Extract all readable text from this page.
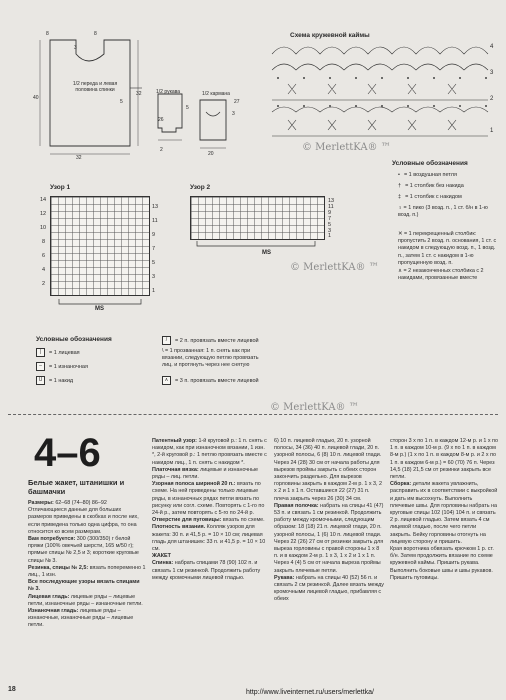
1/2 переда и левая половина спинки	1/2 рукава	1/2 кармана
8	8
3
40
32
5
32
2
26
5
20
3
27
© MerlettKA® ™
Схема кружевной каймы
4
3
2
1
Условные обозначения
• = 1 воздушная петля
† = 1 столбик без накида
‡ = 1 столбик с накидом
♀ = 1 пико (3 возд. п., 1 ст. б/н в 1-ю возд. п.)
✕ = 1 перекрещенный столбик: пропустить 2 возд. п. основания, 1 ст. с накидом в следующую возд. п., 1 возд. п., затем 1 ст. с накидом в 1-ю пропущенную возд. п.
∧ = 2 незаконченных столбика с 2 накидами, провязанные вместе
© MerlettKA® ™
Узор 1
14
12
10
8
6
4
2
13
11
9
7
5
3
1
MS
Узор 2
13
11
9
7
5
3
1
MS
Условные обозначения
|	= 1 лицевая
–	= 1 изнаночная
U	= 1 накид
/	= 2 п. провязать вместе лицевой
\ = 1 прозванная: 1 п. снять как при вязании, следующую петлю провязать лиц. и протянуть через нее снятую
∧	= 3 п. провязать вместе лицевой
© MerlettKA® ™
4–6
Белые жакет, штанишки и башмачки

Размеры: 62–68 (74–80) 86–92

Отличающиеся данные для больших размеров приведены в скобках и после них, если приведена только одна цифра, то она относится ко всем размерам.

Вам потребуется: 300 (300/350) г белой пряжи (100% овечьей шерсти, 165 м/50 г); прямые спицы № 2,5 и 3; короткие круговые спицы № 3.

Резинка, спицы № 2,5: вязать попеременно 1 лиц., 1 изн.

Все последующие узоры вязать спицами № 3.

Лицевая гладь: лицевые ряды – лицевые петли, изнаночные ряды – изнаночные петли.

Изнаночная гладь: лицевые ряды – изнаночные, изнаночные ряды – лицевые петли.

Патентный узор: 1-й круговой р.: 1 п. снять с накидом, как при изнаночном вязании, 1 изн. *, 2-й круговой р.: 1 петлю провязать вместе с накидом лиц., 1 п. снять с накидом *.

Платочная вязка: лицевые и изнаночные ряды – лиц. петли.

Узорная полоса шириной 20 п.: вязать по схеме. На ней приведены только лицевые ряды, в изнаночных рядах петли вязать по рисунку или согл. схеме. Повторять с 1-го по 24-й р., затем повторять с 5-го по 24-й р.

Отверстие для пуговицы: вязать по схеме.

Плотность вязания. Колляж узоров для жакета: 30 п. и 41,5 р. = 10 × 10 см; лицевая гладь для штанишек: 33 п. и 41,5 р. = 10 × 10 см.

ЖАКЕТ

Спинка: набрать спицами 78 (90) 102 п. и связать 1 см резинкой. Продолжить работу между кромочными лицевой гладью.

6) 10 п. лицевой гладью, 20 п. узорной полосы, 34 (36) 40 п. лицевой глади, 20 п. узорной полосы, 6 (8) 10 п. лицевой глади. Через 24 (28) 30 см от начала работы для вырезов проймы закрыть с обеих сторон закончить раздельно. Для вырезов горловины закрыть в каждом 2-м р. 1 х 3, 2 х 2 и 1 х 1 п. Оставшиеся 22 (27) 31 п. плеча закрыть через 26 (30) 34 см.

Правая полочка: набрать на спицы 41 (47) 53 п. и связать 1 см резинкой. Продолжить работу между кромочными, следующим образом: 18 (18) 21 п. лицевой глади, 20 п. узорной полосы, 1 (6) 10 п. лицевой глади. Через 22 (26) 27 см от резинки закрыть для выреза горловины с правой стороны 1 х 8 п. и в каждом 2-м р. 1 х 3, 1 х 2 и 1 х 1 п. Через 4 (4) 5 см от начала выреза проймы закрыть плечевые петли.

Рукава: набрать на спицы 40 (52) 56 п. и связать 2 см резинкой. Далее вязать между кромочными лицевой гладью, прибавляя с обеих

сторон 3 х по 1 п. в каждом 12-м р. и 1 х по 1 п. в каждом 10-м р. (9 х по 1 п. в каждом 8-м р.) (1 х по 1 п. в каждом 8-м р. и 2 х по 1 п. в каждом 6-м р.) = 60 (70) 76 п. Через 14,5 (18) 21,5 см от резинки закрыть все петли.

Сборка: детали жакета увлажнить, расправить их в соответствии с выкройкой и дать им высохнуть. Выполнить плечевые швы. Для горловины набрать на круговые спицы 102 (104) 104 п. и связать 2 р. лицевой гладью. Затем вязать 4 см лицевой гладью, после чего петли закрыть. Бейку горловины отогнуть на лицевую сторону и пришить.

Края воротника обвязать крючком 1 р. ст. б/н. Затем продолжить вязание по схеме кружевной каймы. Пришить рукава. Выполнить боковые швы и швы рукавов. Пришить пуговицы.

18	http://www.liveinternet.ru/users/merlettka/
